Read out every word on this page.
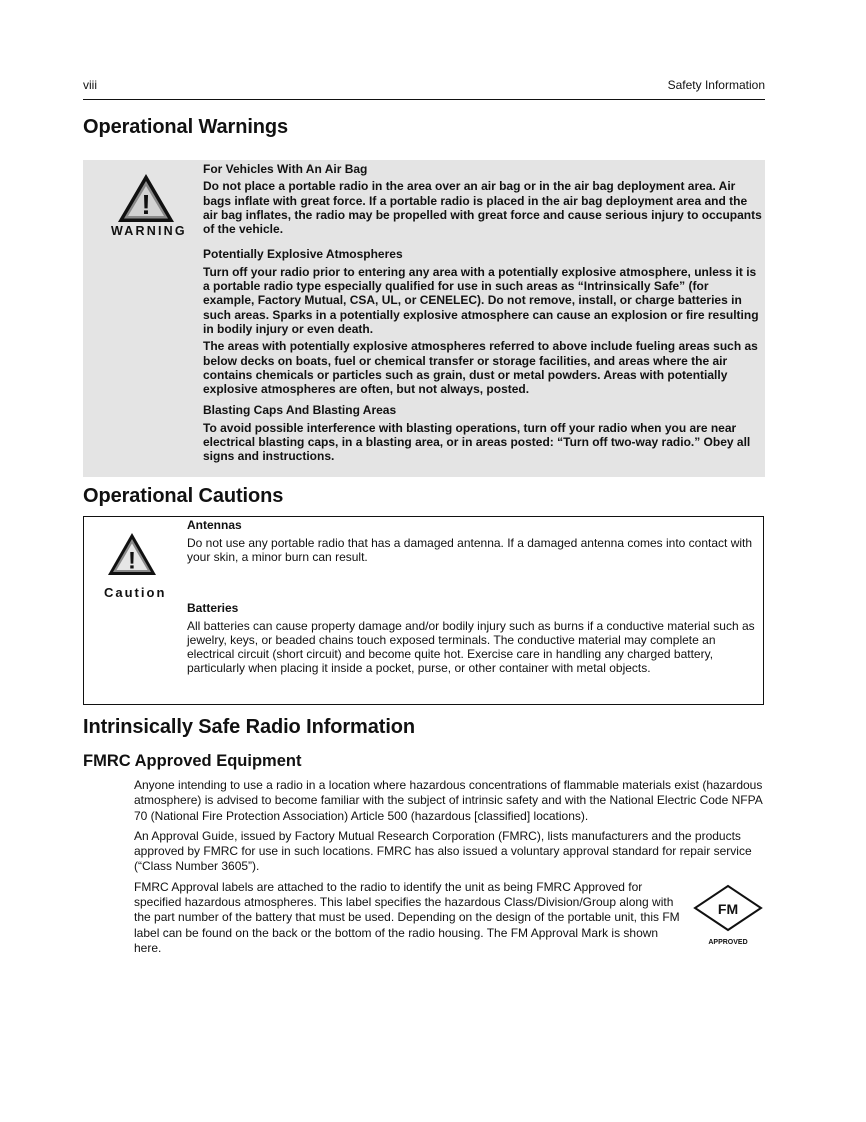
viii	Safety Information
Operational Warnings
!
WARNING
For Vehicles With An Air Bag

Do not place a portable radio in the area over an air bag or in the air bag deployment area. Air bags inflate with great force. If a portable radio is placed in the air bag deployment area and the air bag inflates, the radio may be propelled with great force and cause serious injury to occupants of the vehicle.

Potentially Explosive Atmospheres

Turn off your radio prior to entering any area with a potentially explosive atmosphere, unless it is a portable radio type especially qualified for use in such areas as “Intrinsically Safe” (for example, Factory Mutual, CSA, UL, or CENELEC). Do not remove, install, or charge batteries in such areas. Sparks in a potentially explosive atmosphere can cause an explosion or fire resulting in bodily injury or even death.

The areas with potentially explosive atmospheres referred to above include fueling areas such as below decks on boats, fuel or chemical transfer or storage facilities, and areas where the air contains chemicals or particles such as grain, dust or metal powders. Areas with potentially explosive atmospheres are often, but not always, posted.

Blasting Caps And Blasting Areas

To avoid possible interference with blasting operations, turn off your radio when you are near electrical blasting caps, in a blasting area, or in areas posted: “Turn off two-way radio.” Obey all signs and instructions.

Operational Cautions
!
Caution
Antennas

Do not use any portable radio that has a damaged antenna. If a damaged antenna comes into contact with your skin, a minor burn can result.

Batteries

All batteries can cause property damage and/or bodily injury such as burns if a conductive material such as jewelry, keys, or beaded chains touch exposed terminals. The conductive material may complete an electrical circuit (short circuit) and become quite hot. Exercise care in handling any charged battery, particularly when placing it inside a pocket, purse, or other container with metal objects.

Intrinsically Safe Radio Information
FMRC Approved Equipment

Anyone intending to use a radio in a location where hazardous concentrations of flammable materials exist (hazardous atmosphere) is advised to become familiar with the subject of intrinsic safety and with the National Electric Code NFPA 70 (National Fire Protection Association) Article 500 (hazardous [classified] locations).

An Approval Guide, issued by Factory Mutual Research Corporation (FMRC), lists manufacturers and the products approved by FMRC for use in such locations. FMRC has also issued a voluntary approval standard for repair service (“Class Number 3605”).

FMRC Approval labels are attached to the radio to identify the unit as being FMRC Approved for specified hazardous atmospheres. This label specifies the hazardous Class/Division/Group along with the part number of the battery that must be used. Depending on the design of the portable unit, this FM label can be found on the back or the bottom of the radio housing. The FM Approval Mark is shown here.

FM
APPROVED
